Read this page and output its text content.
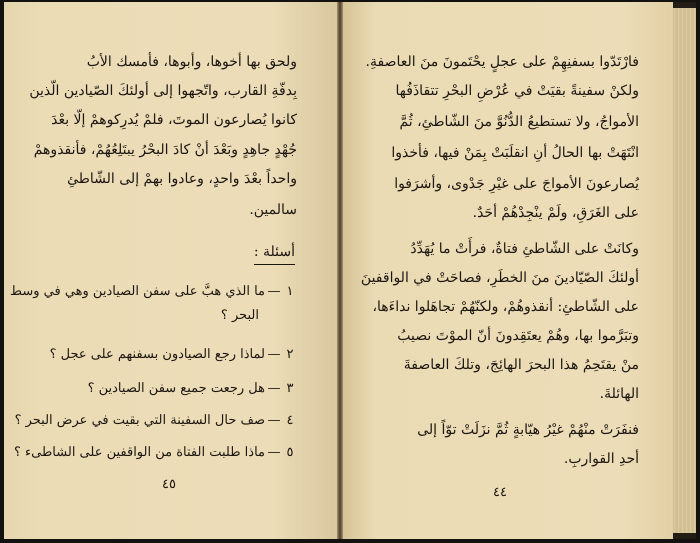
ولحق بها أخوها، وأبوها، فأمسك الأبُ
بِدفّةِ القارب، واتّجهوا إلى أولئكَ الصّيادين الّذين
كانوا يُصارعون الموتَ، فلمْ يُدرِكوهمْ إلّا بعْدَ
جُهْدٍ جاهِدٍ وبَعْدَ أنْ كادَ البحْرُ يبتَلِعُهُمْ، فأنقذوهمْ
واحداً بعْدَ واحدٍ، وعادوا بهمْ إلى الشّاطئِ
سالمين.
أسئلة :
١—ما الذي هبَّ على سفن الصيادين وهي في وسط
البحر ؟
٢—لماذا رجع الصيادون بسفنهم على عجل ؟
٣—هل رجعت جميع سفن الصيادين ؟
٤—صف حال السفينة التي بقيت في عرض البحر ؟
٥—ماذا طلبت الفتاة من الواقفين على الشاطىء ؟
٤٥
فارْتَدّوا بسفنِهِمْ على عجلٍ يحْتَمونَ منَ العاصفةِ.
ولكنْ سفينةً بقيَتْ في عُرْضِ البحْرِ تتقاذَفُها
الأمواجُ، ولا تستطيعُ الدُّنُوَّ منَ الشّاطئِ، ثُمَّ
انْتَهَتْ بها الحالُ أنِ انقلَبَتْ بِمَنْ فيها، فأخذوا
يُصارعونَ الأمواجَ على غيْرِ جَدْوى، وأشرَفوا
على الغَرَقِ، ولَمْ ينْجِدْهُمْ أحَدٌ.
وكانَتْ على الشّاطئِ فتاةٌ، فرأَتْ ما يُهَدِّدُ
أولئكَ الصّيّادينَ منَ الخطَرِ، فصاحَتْ في الواقفينَ
على الشّاطئِ: أنقذوهُمْ، ولكنّهُمْ تجاهَلوا نداءَها،
وتبَرَّموا بها، وهُمْ يعتَقِدونَ أنّ الموْتَ نصيبُ
منْ يقتَحِمُ هذا البحرَ الهائِجَ، وتلكَ العاصفةَ
الهائلةَ.
فنفَرَتْ منْهُمْ غيْرُ هيّابةٍ ثُمَّ نزَلَتْ توّاً إلى
أحدِ القواربِ.
٤٤
